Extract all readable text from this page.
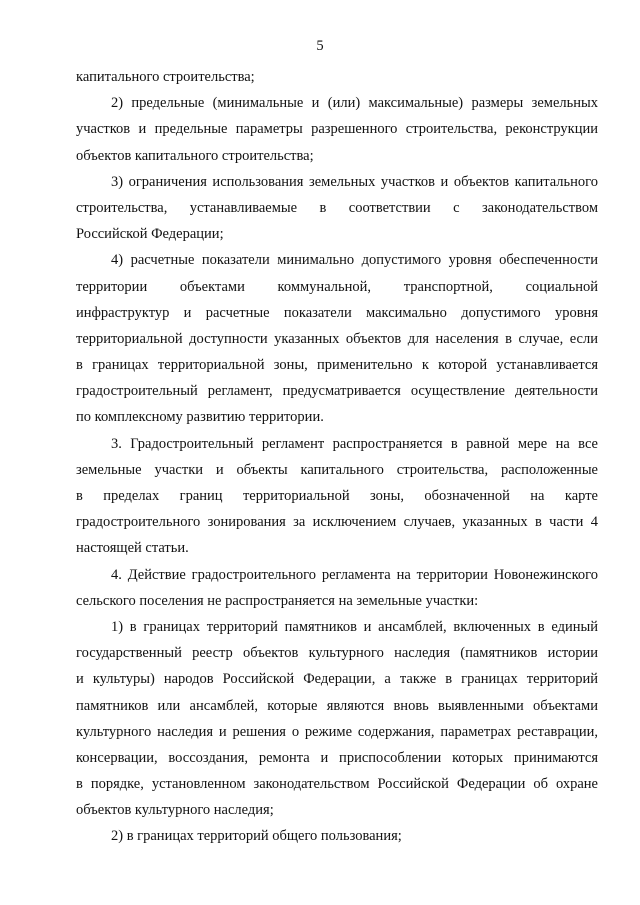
5
капитального строительства;
2) предельные (минимальные и (или) максимальные) размеры земельных
участков и предельные параметры разрешенного строительства, реконструкции
объектов капитального строительства;
3) ограничения использования земельных участков и объектов капитального
строительства, устанавливаемые в соответствии с законодательством
Российской Федерации;
4) расчетные показатели минимально допустимого уровня обеспеченности
территории объектами коммунальной, транспортной, социальной
инфраструктур и расчетные показатели максимально допустимого уровня
территориальной доступности указанных объектов для населения в случае, если
в границах территориальной зоны, применительно к которой устанавливается
градостроительный регламент, предусматривается осуществление деятельности
по комплексному развитию территории.
3. Градостроительный регламент распространяется в равной мере на все
земельные участки и объекты капитального строительства, расположенные
в пределах границ территориальной зоны, обозначенной на карте
градостроительного зонирования за исключением случаев, указанных в части 4
настоящей статьи.
4. Действие градостроительного регламента на территории Новонежинского
сельского поселения не распространяется на земельные участки:
1) в границах территорий памятников и ансамблей, включенных в единый
государственный реестр объектов культурного наследия (памятников истории
и культуры) народов Российской Федерации, а также в границах территорий
памятников или ансамблей, которые являются вновь выявленными объектами
культурного наследия и решения о режиме содержания, параметрах реставрации,
консервации, воссоздания, ремонта и приспособлении которых принимаются
в порядке, установленном законодательством Российской Федерации об охране
объектов культурного наследия;
2) в границах территорий общего пользования;
